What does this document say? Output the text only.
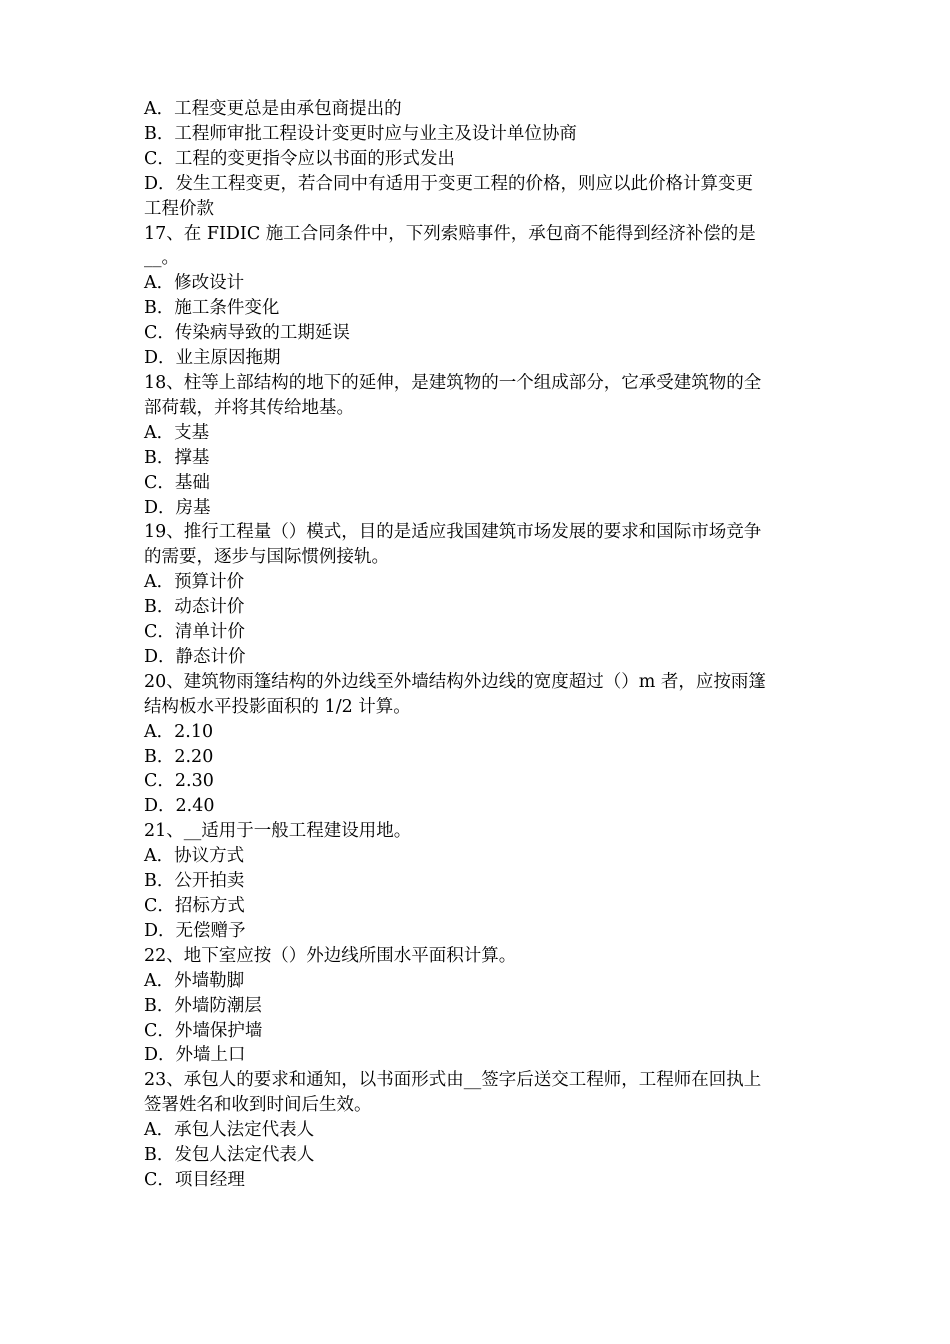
A．工程变更总是由承包商提出的
B．工程师审批工程设计变更时应与业主及设计单位协商
C．工程的变更指令应以书面的形式发出
D．发生工程变更，若合同中有适用于变更工程的价格，则应以此价格计算变更
工程价款
17、在 FIDIC 施工合同条件中，下列索赔事件，承包商不能得到经济补偿的是
__。
A．修改设计
B．施工条件变化
C．传染病导致的工期延误
D．业主原因拖期
18、柱等上部结构的地下的延伸，是建筑物的一个组成部分，它承受建筑物的全
部荷载，并将其传给地基。
A．支基
B．撑基
C．基础
D．房基
19、推行工程量（）模式，目的是适应我国建筑市场发展的要求和国际市场竞争
的需要，逐步与国际惯例接轨。
A．预算计价
B．动态计价
C．清单计价
D．静态计价
20、建筑物雨篷结构的外边线至外墙结构外边线的宽度超过（）m 者，应按雨篷
结构板水平投影面积的 1/2 计算。
A．2.10
B．2.20
C．2.30
D．2.40
21、__适用于一般工程建设用地。
A．协议方式
B．公开拍卖
C．招标方式
D．无偿赠予
22、地下室应按（）外边线所围水平面积计算。
A．外墙勒脚
B．外墙防潮层
C．外墙保护墙
D．外墙上口
23、承包人的要求和通知，以书面形式由__签字后送交工程师，工程师在回执上
签署姓名和收到时间后生效。
A．承包人法定代表人
B．发包人法定代表人
C．项目经理
